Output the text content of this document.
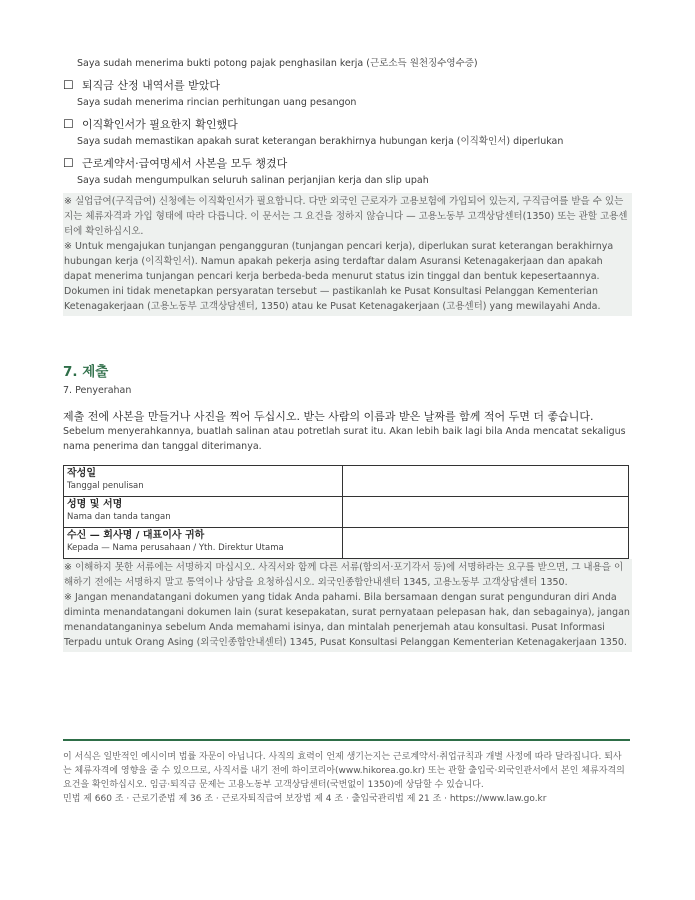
Saya sudah menerima bukti potong pajak penghasilan kerja (근로소득 원천징수영수증)
☐ 퇴직금 산정 내역서를 받았다
Saya sudah menerima rincian perhitungan uang pesangon
☐ 이직확인서가 필요한지 확인했다
Saya sudah memastikan apakah surat keterangan berakhirnya hubungan kerja (이직확인서) diperlukan
☐ 근로계약서·급여명세서 사본을 모두 챙겼다
Saya sudah mengumpulkan seluruh salinan perjanjian kerja dan slip upah

※ 실업급여(구직급여) 신청에는 이직확인서가 필요합니다. 다만 외국인 근로자가 고용보험에 가입되어 있는지, 구직급여를 받을 수 있는지는 체류자격과 가입 형태에 따라 다릅니다. 이 문서는 그 요건을 정하지 않습니다 — 고용노동부 고객상담센터(1350) 또는 관할 고용센터에 확인하십시오.

※ Untuk mengajukan tunjangan pengangguran (tunjangan pencari kerja), diperlukan surat keterangan berakhirnya hubungan kerja (이직확인서). Namun apakah pekerja asing terdaftar dalam Asuransi Ketenagakerjaan dan apakah dapat menerima tunjangan pencari kerja berbeda-beda menurut status izin tinggal dan bentuk kepesertaannya. Dokumen ini tidak menetapkan persyaratan tersebut — pastikanlah ke Pusat Konsultasi Pelanggan Kementerian Ketenagakerjaan (고용노동부 고객상담센터, 1350) atau ke Pusat Ketenagakerjaan (고용센터) yang mewilayahi Anda.

7. 제출
7. Penyerahan
제출 전에 사본을 만들거나 사진을 찍어 두십시오. 받는 사람의 이름과 받은 날짜를 함께 적어 두면 더 좋습니다.
Sebelum menyerahkannya, buatlah salinan atau potretlah surat itu. Akan lebih baik lagi bila Anda mencatat sekaligus nama penerima dan tanggal diterimanya.
작성일
Tanggal penulisan	

성명 및 서명
Nama dan tanda tangan	

수신 — 회사명 / 대표이사 귀하
Kepada — Nama perusahaan / Yth. Direktur Utama	

※ 이해하지 못한 서류에는 서명하지 마십시오. 사직서와 함께 다른 서류(합의서·포기각서 등)에 서명하라는 요구를 받으면, 그 내용을 이해하기 전에는 서명하지 말고 통역이나 상담을 요청하십시오. 외국인종합안내센터 1345, 고용노동부 고객상담센터 1350.

※ Jangan menandatangani dokumen yang tidak Anda pahami. Bila bersamaan dengan surat pengunduran diri Anda diminta menandatangani dokumen lain (surat kesepakatan, surat pernyataan pelepasan hak, dan sebagainya), jangan menandatanganinya sebelum Anda memahami isinya, dan mintalah penerjemah atau konsultasi. Pusat Informasi Terpadu untuk Orang Asing (외국인종합안내센터) 1345, Pusat Konsultasi Pelanggan Kementerian Ketenagakerjaan 1350.

이 서식은 일반적인 예시이며 법률 자문이 아닙니다. 사직의 효력이 언제 생기는지는 근로계약서·취업규칙과 개별 사정에 따라 달라집니다. 퇴사는 체류자격에 영향을 줄 수 있으므로, 사직서를 내기 전에 하이코리아(www.hikorea.go.kr) 또는 관할 출입국·외국인관서에서 본인 체류자격의 요건을 확인하십시오. 임금·퇴직금 문제는 고용노동부 고객상담센터(국번없이 1350)에 상담할 수 있습니다.

민법 제 660 조 · 근로기준법 제 36 조 · 근로자퇴직급여 보장법 제 4 조 · 출입국관리법 제 21 조 · https://www.law.go.kr
